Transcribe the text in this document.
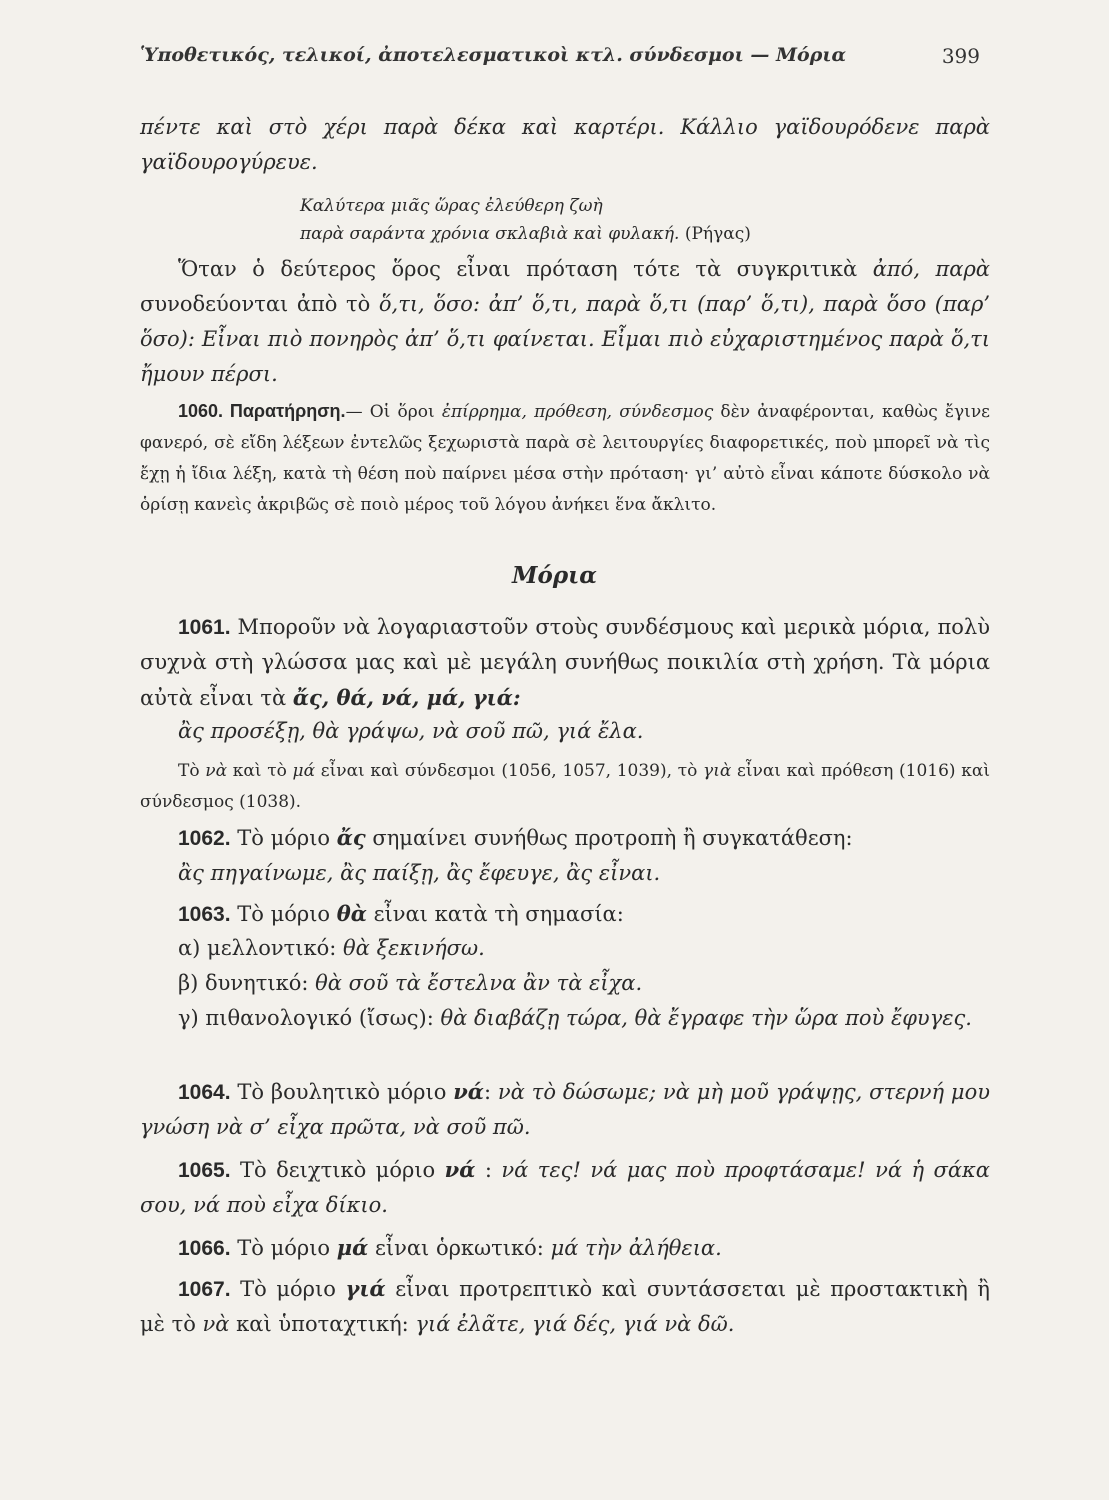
Ὑποθετικός, τελικοί, ἀποτελεσματικοὶ κτλ. σύνδεσμοι — Μόρια	399

πέντε καὶ στὸ χέρι παρὰ δέκα καὶ καρτέρι. Κάλλιο γαϊδουρόδενε παρὰ γαϊδουρογύρευε.

Καλύτερα μιᾶς ὥρας ἐλεύθερη ζωὴ
παρὰ σαράντα χρόνια σκλαβιὰ καὶ φυλακή. (Ρήγας)

Ὅταν ὁ δεύτερος ὅρος εἶναι πρόταση τότε τὰ συγκριτικὰ ἀπό, παρὰ συνοδεύονται ἀπὸ τὸ ὅ,τι, ὅσο: ἀπ’ ὅ,τι, παρὰ ὅ,τι (παρ’ ὅ,τι), παρὰ ὅσο (παρ’ ὅσο): Εἶναι πιὸ πονηρὸς ἀπ’ ὅ,τι φαίνεται. Εἶμαι πιὸ εὐχαριστημένος παρὰ ὅ,τι ἤμουν πέρσι.

1060. Παρατήρηση.— Οἱ ὅροι ἐπίρρημα, πρόθεση, σύνδεσμος δὲν ἀναφέρονται, καθὼς ἔγινε φανερό, σὲ εἴδη λέξεων ἐντελῶς ξεχωριστὰ παρὰ σὲ λειτουργίες διαφορετικές, ποὺ μπορεῖ νὰ τὶς ἔχῃ ἡ ἴδια λέξη, κατὰ τὴ θέση ποὺ παίρνει μέσα στὴν πρόταση· γι’ αὐτὸ εἶναι κάποτε δύσκολο νὰ ὁρίσῃ κανεὶς ἀκριβῶς σὲ ποιὸ μέρος τοῦ λόγου ἀνήκει ἕνα ἄκλιτο.

Μόρια

1061. Μποροῦν νὰ λογαριαστοῦν στοὺς συνδέσμους καὶ μερικὰ μόρια, πολὺ συχνὰ στὴ γλώσσα μας καὶ μὲ μεγάλη συνήθως ποικιλία στὴ χρήση. Τὰ μόρια αὐτὰ εἶναι τὰ ἄς, θά, νά, μά, γιά:

ἂς προσέξῃ, θὰ γράψω, νὰ σοῦ πῶ, γιά ἔλα.

Τὸ νὰ καὶ τὸ μά εἶναι καὶ σύνδεσμοι (1056, 1057, 1039), τὸ γιὰ εἶναι καὶ πρόθεση (1016) καὶ σύνδεσμος (1038).

1062. Τὸ μόριο ἄς σημαίνει συνήθως προτροπὴ ἢ συγκατάθεση:

ἂς πηγαίνωμε, ἂς παίξῃ, ἂς ἔφευγε, ἂς εἶναι.

1063. Τὸ μόριο θὰ εἶναι κατὰ τὴ σημασία:

α) μελλοντικό: θὰ ξεκινήσω.

β) δυνητικό: θὰ σοῦ τὰ ἔστελνα ἂν τὰ εἶχα.

γ) πιθανολογικό (ἴσως): θὰ διαβάζῃ τώρα, θὰ ἔγραφε τὴν ὥρα ποὺ ἔφυγες.

1064. Τὸ βουλητικὸ μόριο νά: νὰ τὸ δώσωμε; νὰ μὴ μοῦ γράψῃς, στερνή μου γνώση νὰ σ’ εἶχα πρῶτα, νὰ σοῦ πῶ.

1065. Τὸ δειχτικὸ μόριο νά : νά τες! νά μας ποὺ προφτάσαμε! νά ἡ σάκα σου, νά ποὺ εἶχα δίκιο.

1066. Τὸ μόριο μά εἶναι ὁρκωτικό: μά τὴν ἀλήθεια.

1067. Τὸ μόριο γιά εἶναι προτρεπτικὸ καὶ συντάσσεται μὲ προστακτικὴ ἢ μὲ τὸ νὰ καὶ ὑποταχτική: γιά ἐλᾶτε, γιά δές, γιά νὰ δῶ.
